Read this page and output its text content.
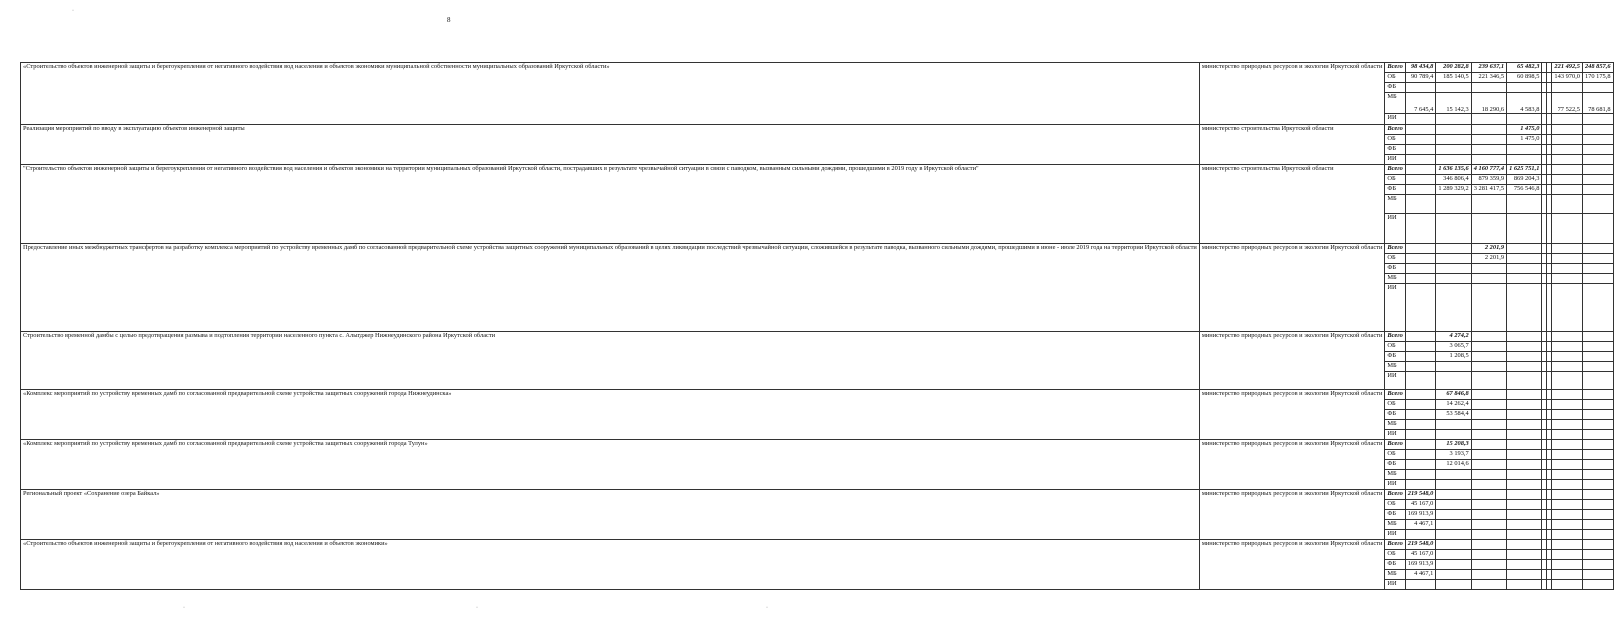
8
«Строительство объектов инженерной защиты и берегоукрепления от негативного воздействия вод населения и объектов экономики муниципальной собственности муниципальных образований Иркутской области»	министерство природных ресурсов и экологии Иркутской области	Всего	98 434,8	200 282,8	239 637,1	65 482,3			221 492,5	248 857,6
		ОБ	90 789,4	185 140,5	221 346,5	60 898,5			143 970,0	170 175,8
		ФБ								
		МБ	7 645,4	15 142,3	18 290,6	4 583,8			77 522,5	78 681,8
		ИИ								
Реализация мероприятий по вводу в эксплуатацию объектов инженерной защиты	министерство строительства Иркутской области	Всего				1 475,0				
		ОБ				1 475,0				
		ФБ								
		ИИ								
"Строительство объектов инженерной защиты и берегоукрепления от негативного воздействия вод населения и объектов экономики на территории муниципальных образований Иркутской области, пострадавших в результате чрезвычайной ситуации в связи с паводком, вызванным сильными дождями, прошедшими в 2019 году в Иркутской области"	министерство строительства Иркутской области	Всего		1 636 135,6	4 160 777,4	1 625 751,1				
		ОБ		346 806,4	879 359,9	869 204,3				
		ФБ		1 289 329,2	3 281 417,5	756 546,8				
		МБ								
		ИИ								
Предоставление иных межбюджетных трансфертов на разработку комплекса мероприятий по устройству временных дамб по согласованной предварительной схеме устройства защитных сооружений муниципальных образований в целях ликвидации последствий чрезвычайной ситуации, сложившейся в результате паводка, вызванного сильными дождями, прошедшими в июне - июле 2019 года на территории Иркутской области	министерство природных ресурсов и экологии Иркутской области	Всего			2 201,9					
		ОБ			2 201,9					
		ФБ								
		МБ								
		ИИ								
Строительство временной дамбы с целью предотвращения размыва и подтопления территории населенного пункта с. Алыгджер Нижнеудинского района Иркутской области	министерство природных ресурсов и экологии Иркутской области	Всего		4 274,2						
		ОБ		3 065,7						
		ФБ		1 208,5						
		МБ								
		ИИ								
«Комплекс мероприятий по устройству временных дамб по согласованной предварительной схеме устройства защитных сооружений города Нижнеудинска»	министерство природных ресурсов и экологии Иркутской области	Всего		67 846,8						
		ОБ		14 262,4						
		ФБ		53 584,4						
		МБ								
		ИИ								
«Комплекс мероприятий по устройству временных дамб по согласованной предварительной схеме устройства защитных сооружений города Тулун»	министерство природных ресурсов и экологии Иркутской области	Всего		15 208,3						
		ОБ		3 193,7						
		ФБ		12 014,6						
		МБ								
		ИИ								
Региональный проект «Сохранение озера Байкал»	министерство природных ресурсов и экологии Иркутской области	Всего	219 548,0							
		ОБ	45 167,0							
		ФБ	169 913,9							
		МБ	4 467,1							
		ИИ								
«Строительство объектов инженерной защиты и берегоукрепления от негативного воздействия вод населения и объектов экономики»	министерство природных ресурсов и экологии Иркутской области	Всего	219 548,0							
		ОБ	45 167,0							
		ФБ	169 913,9							
		МБ	4 467,1							
		ИИ								
·
·	·	·
